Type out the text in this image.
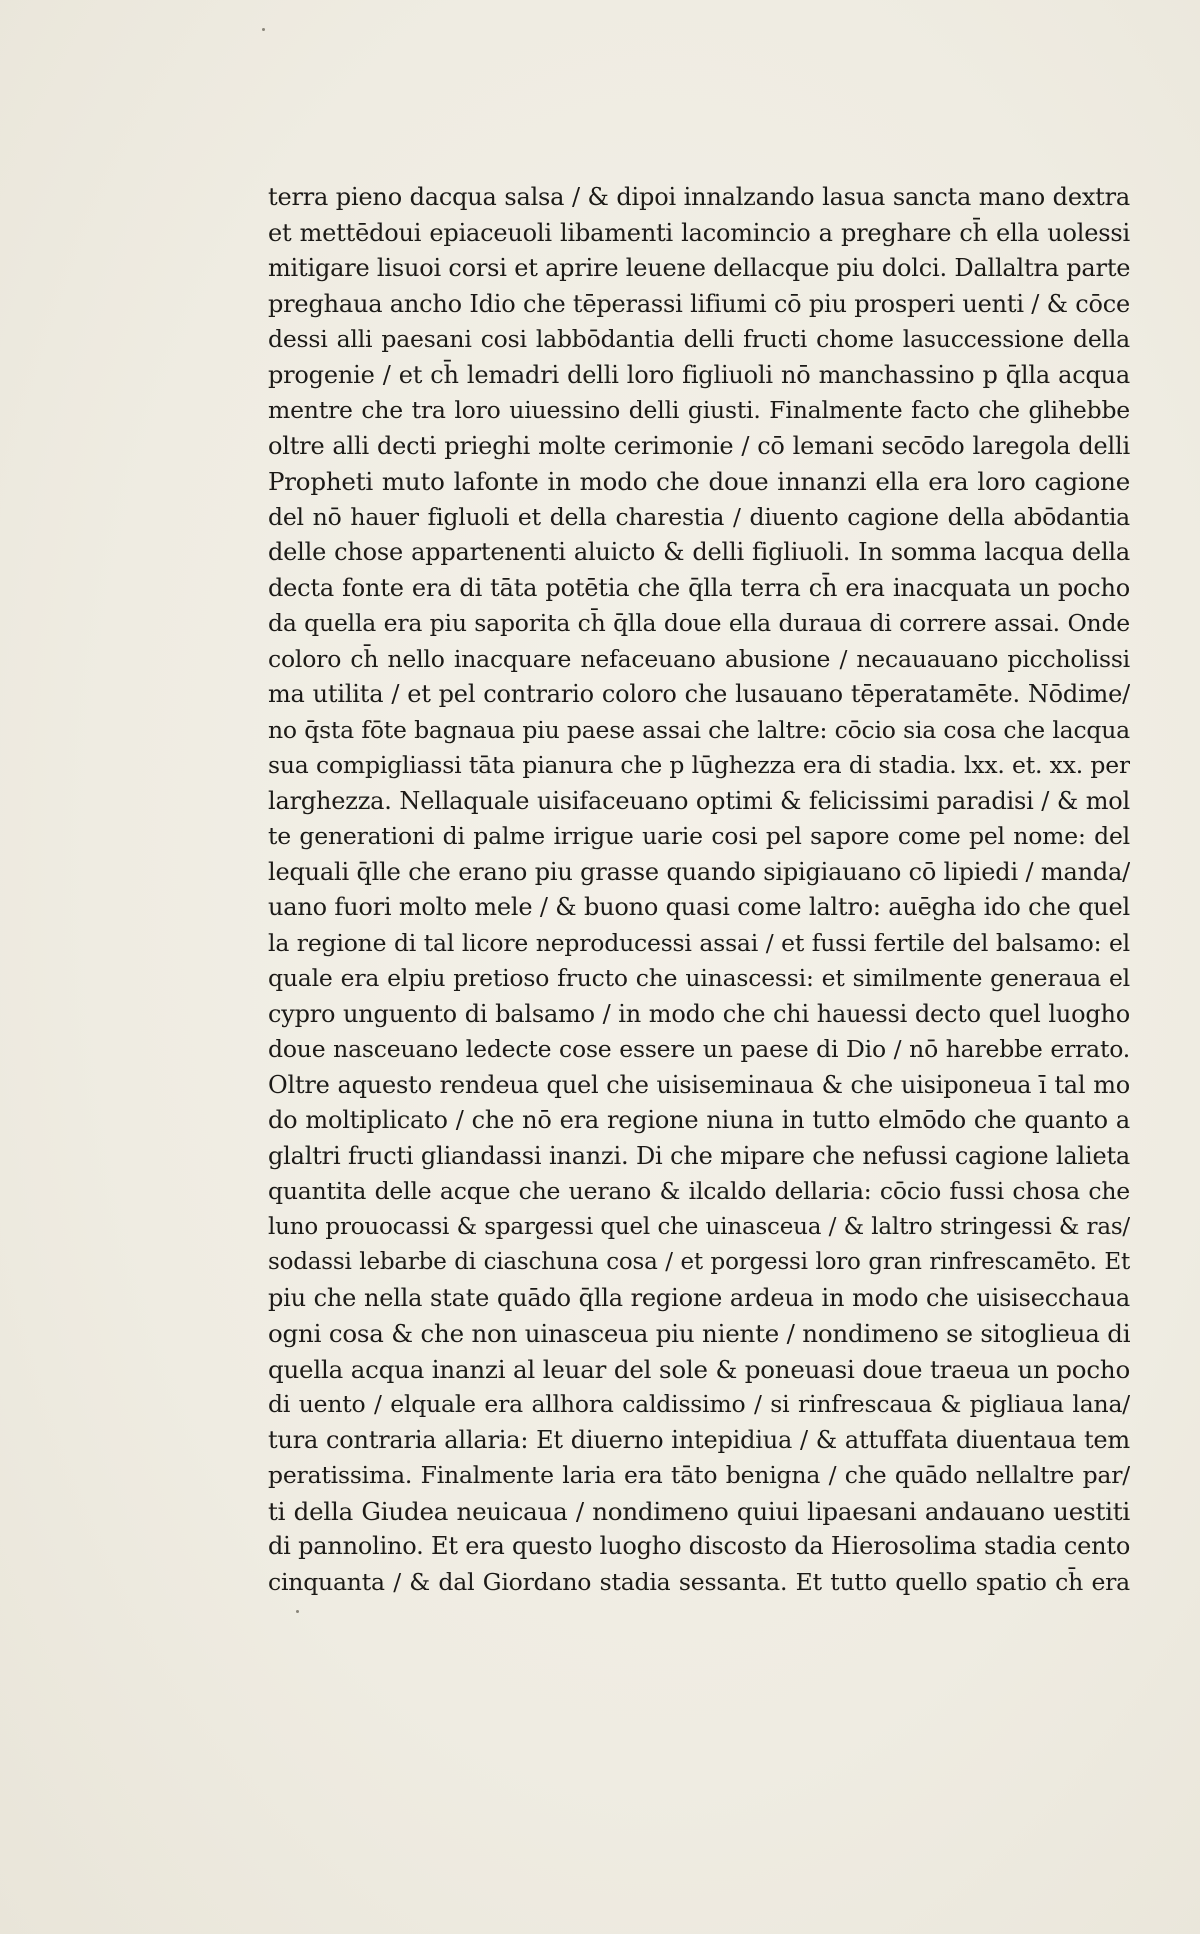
terra pieno dacqua salsa / & dipoi innalzando lasua sancta mano dextra
et mettēdoui epiaceuoli libamenti lacomincio a preghare ch̄ ella uolessi
mitigare lisuoi corsi et aprire leuene dellacque piu dolci. Dallaltra parte
preghaua ancho Idio che tēperassi lifiumi cō piu prosperi uenti / & cōce
dessi alli paesani cosi labbōdantia delli fructi chome lasuccessione della
progenie / et ch̄ lemadri delli loro figliuoli nō manchassino p q̄lla acqua
mentre che tra loro uiuessino delli giusti. Finalmente facto che glihebbe
oltre alli decti prieghi molte cerimonie / cō lemani secōdo laregola delli
Propheti muto lafonte in modo che doue innanzi ella era loro cagione
del nō hauer figluoli et della charestia / diuento cagione della abōdantia
delle chose appartenenti aluicto & delli figliuoli. In somma lacqua della
decta fonte era di tāta potētia che q̄lla terra ch̄ era inacquata un pocho
da quella era piu saporita ch̄ q̄lla doue ella duraua di correre assai. Onde
coloro ch̄ nello inacquare nefaceuano abusione / necauauano piccholissi
ma utilita / et pel contrario coloro che lusauano tēperatamēte. Nōdime/
no q̄sta fōte bagnaua piu paese assai che laltre: cōcio sia cosa che lacqua
sua compigliassi tāta pianura che p lūghezza era di stadia. lxx. et. xx. per
larghezza. Nellaquale uisifaceuano optimi & felicissimi paradisi / & mol
te generationi di palme irrigue uarie cosi pel sapore come pel nome: del
lequali q̄lle che erano piu grasse quando sipigiauano cō lipiedi / manda/
uano fuori molto mele / & buono quasi come laltro: auēgha ido che quel
la regione di tal licore neproducessi assai / et fussi fertile del balsamo: el
quale era elpiu pretioso fructo che uinascessi: et similmente generaua el
cypro unguento di balsamo / in modo che chi hauessi decto quel luogho
doue nasceuano ledecte cose essere un paese di Dio / nō harebbe errato.
Oltre aquesto rendeua quel che uisiseminaua & che uisiponeua ī tal mo
do moltiplicato / che nō era regione niuna in tutto elmōdo che quanto a
glaltri fructi gliandassi inanzi. Di che mipare che nefussi cagione lalieta
quantita delle acque che uerano & ilcaldo dellaria: cōcio fussi chosa che
luno prouocassi & spargessi quel che uinasceua / & laltro stringessi & ras/
sodassi lebarbe di ciaschuna cosa / et porgessi loro gran rinfrescamēto. Et
piu che nella state quādo q̄lla regione ardeua in modo che uisisecchaua
ogni cosa & che non uinasceua piu niente / nondimeno se sitoglieua di
quella acqua inanzi al leuar del sole & poneuasi doue traeua un pocho
di uento / elquale era allhora caldissimo / si rinfrescaua & pigliaua lana/
tura contraria allaria: Et diuerno intepidiua / & attuffata diuentaua tem
peratissima. Finalmente laria era tāto benigna / che quādo nellaltre par/
ti della Giudea neuicaua / nondimeno quiui lipaesani andauano uestiti
di pannolino. Et era questo luogho discosto da Hierosolima stadia cento
cinquanta / & dal Giordano stadia sessanta. Et tutto quello spatio ch̄ era
